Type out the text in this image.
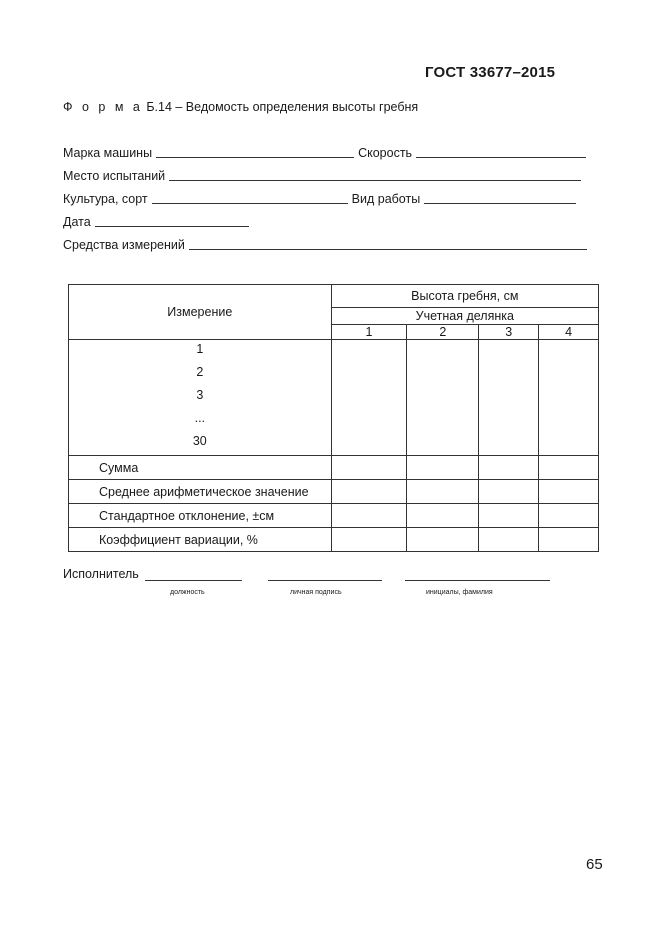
ГОСТ 33677–2015
Ф о р м а Б.14 – Ведомость определения высоты гребня
Марка машины	Скорость
Место испытаний
Культура, сорт	Вид работы
Дата
Средства измерений
Измерение	Высота гребня, см			
	Учетная делянка			
	1	2	3	4

1
2
3
...
30				

Сумма				
Среднее арифметическое значение				
Стандартное отклонение, ±см				
Коэффициент вариации, %				
Исполнитель
должность	личная подпись	инициалы, фамилия
65
